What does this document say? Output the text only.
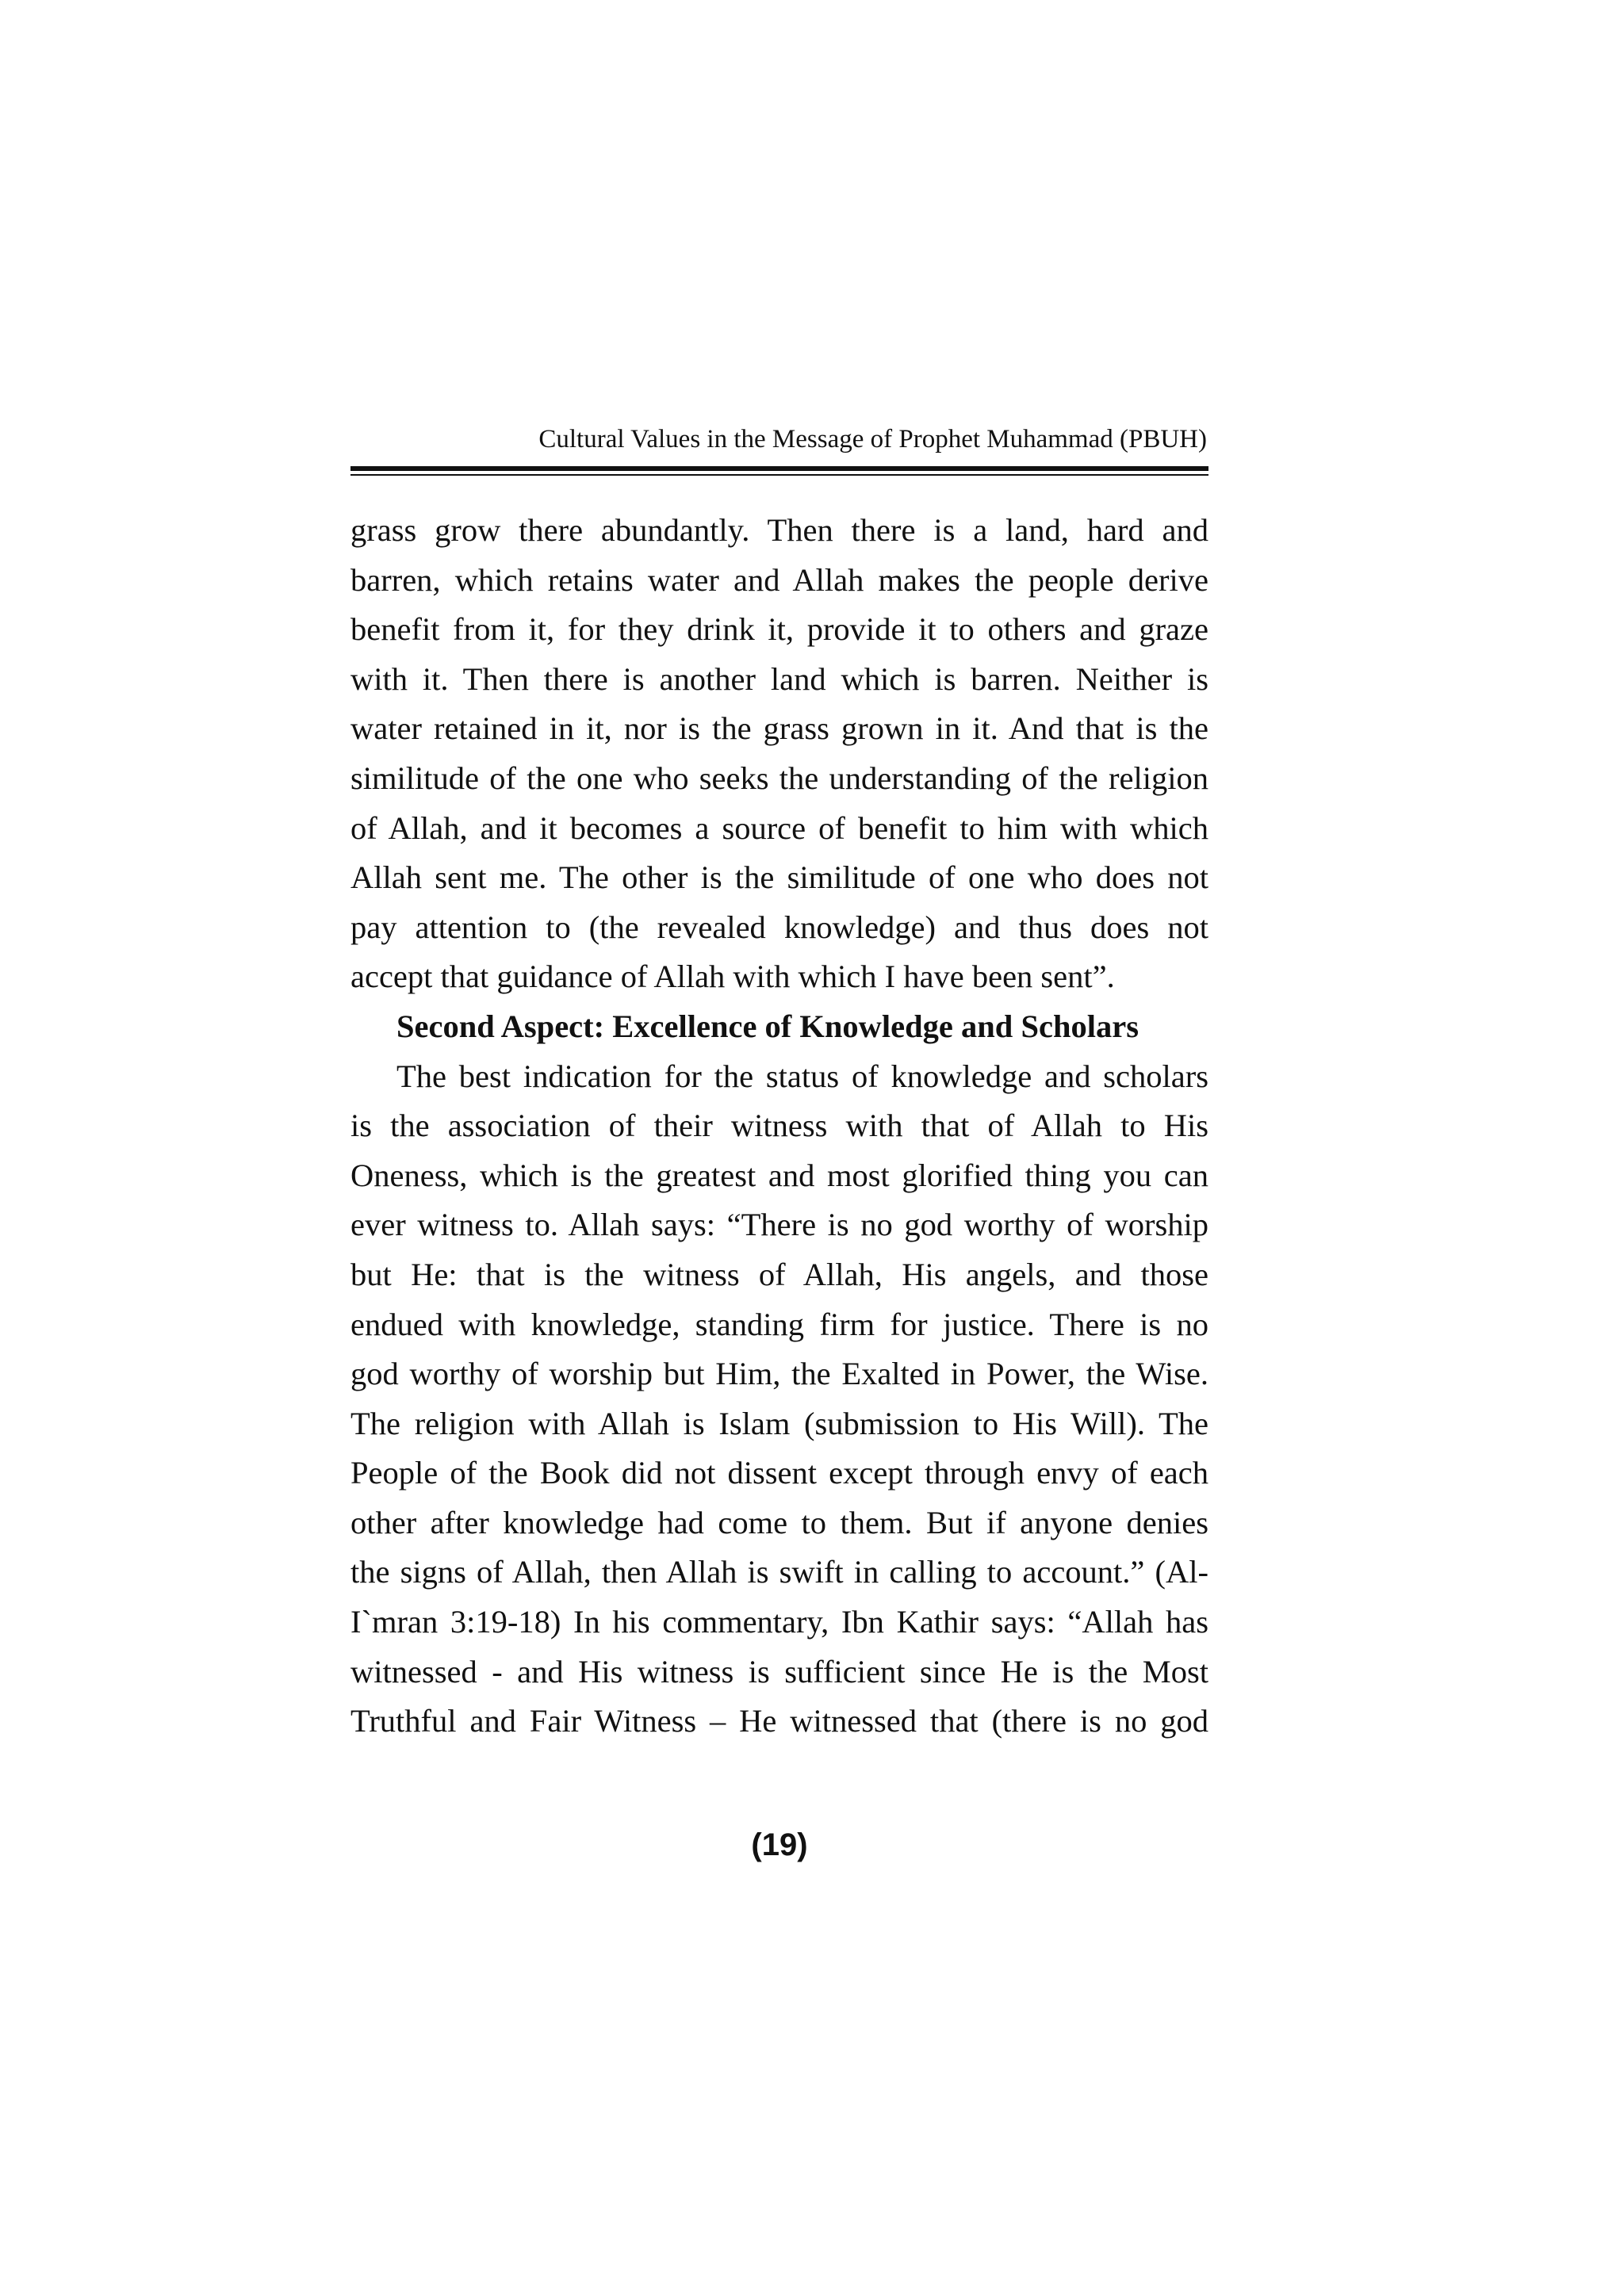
Cultural Values in the Message of Prophet Muhammad (PBUH)

grass grow there abundantly. Then there is a land, hard and
barren, which retains water and Allah makes the people derive
benefit from it, for they drink it, provide it to others and graze
with it. Then there is another land which is barren. Neither is
water retained in it, nor is the grass grown in it. And that is the
similitude of the one who seeks the understanding of the religion
of Allah, and it becomes a source of benefit to him with which
Allah sent me. The other is the similitude of one who does not
pay attention to (the revealed knowledge) and thus does not
accept that guidance of Allah with which I have been sent”.
Second Aspect: Excellence of Knowledge and Scholars
The best indication for the status of knowledge and scholars
is the association of their witness with that of Allah to His
Oneness, which is the greatest and most glorified thing you can
ever witness to. Allah says: “There is no god worthy of worship
but He: that is the witness of Allah, His angels, and those
endued with knowledge, standing firm for justice. There is no
god worthy of worship but Him, the Exalted in Power, the Wise.
The religion with Allah is Islam (submission to His Will). The
People of the Book did not dissent except through envy of each
other after knowledge had come to them. But if anyone denies
the signs of Allah, then Allah is swift in calling to account.” (Al-
I`mran 3:19-18) In his commentary, Ibn Kathir says: “Allah has
witnessed - and His witness is sufficient since He is the Most
Truthful and Fair Witness – He witnessed that (there is no god
(19)
